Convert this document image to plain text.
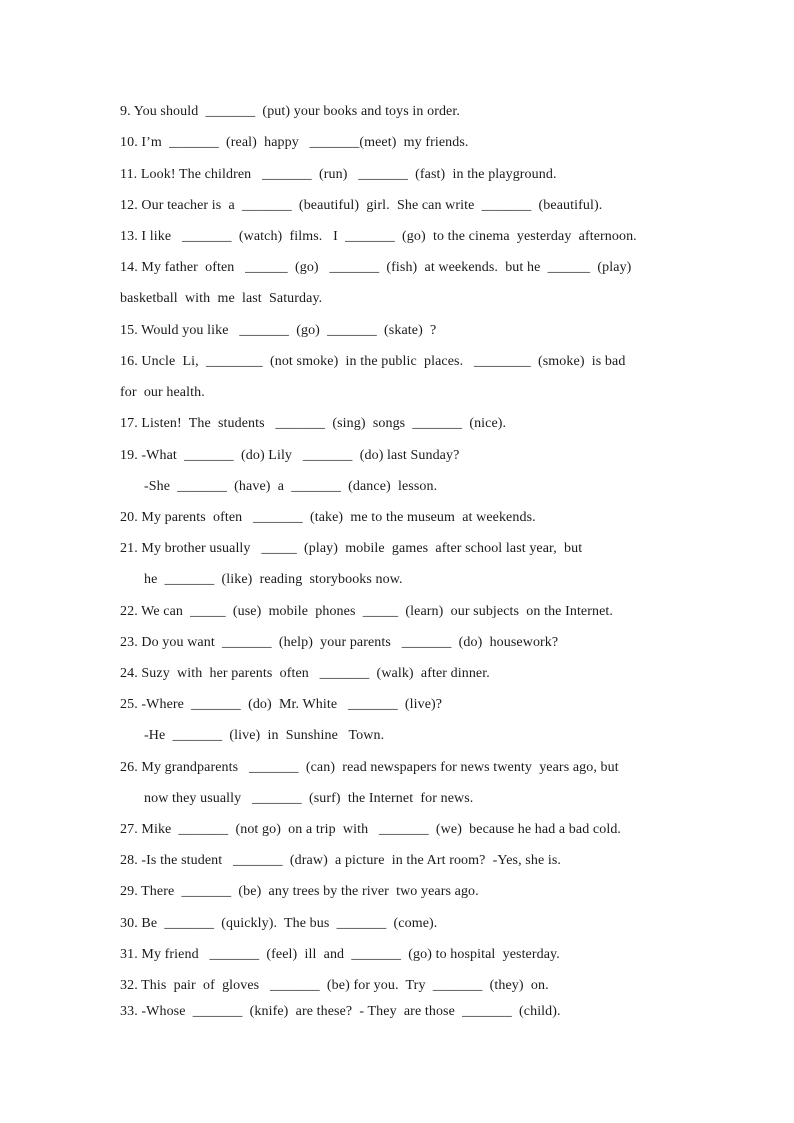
9. You should  _______  (put) your books and toys in order.
10. I’m  _______  (real)  happy   _______(meet)  my friends.
11. Look! The children   _______  (run)   _______  (fast)  in the playground.
12. Our teacher is  a  _______  (beautiful)  girl.  She can write  _______  (beautiful).
13. I like   _______  (watch)  films.   I  _______  (go)  to the cinema  yesterday  afternoon.
14. My father  often   ______  (go)   _______  (fish)  at weekends.  but he  ______  (play)
basketball  with  me  last  Saturday.
15. Would you like   _______  (go)  _______  (skate)  ?
16. Uncle  Li,  ________  (not smoke)  in the public  places.   ________  (smoke)  is bad
for  our health.
17. Listen!  The  students   _______  (sing)  songs  _______  (nice).
19. -What  _______  (do) Lily   _______  (do) last Sunday?
-She  _______  (have)  a  _______  (dance)  lesson.
20. My parents  often   _______  (take)  me to the museum  at weekends.
21. My brother usually   _____  (play)  mobile  games  after school last year,  but
he  _______  (like)  reading  storybooks now.
22. We can  _____  (use)  mobile  phones  _____  (learn)  our subjects  on the Internet.
23. Do you want  _______  (help)  your parents   _______  (do)  housework?
24. Suzy  with  her parents  often   _______  (walk)  after dinner.
25. -Where  _______  (do)  Mr. White   _______  (live)?
-He  _______  (live)  in  Sunshine   Town.
26. My grandparents   _______  (can)  read newspapers for news twenty  years ago, but
now they usually   _______  (surf)  the Internet  for news.
27. Mike  _______  (not go)  on a trip  with   _______  (we)  because he had a bad cold.
28. -Is the student   _______  (draw)  a picture  in the Art room?  -Yes, she is.
29. There  _______  (be)  any trees by the river  two years ago.
30. Be  _______  (quickly).  The bus  _______  (come).
31. My friend   _______  (feel)  ill  and  _______  (go) to hospital  yesterday.
32. This  pair  of  gloves   _______  (be) for you.  Try  _______  (they)  on.
33. -Whose  _______  (knife)  are these?  - They  are those  _______  (child).
